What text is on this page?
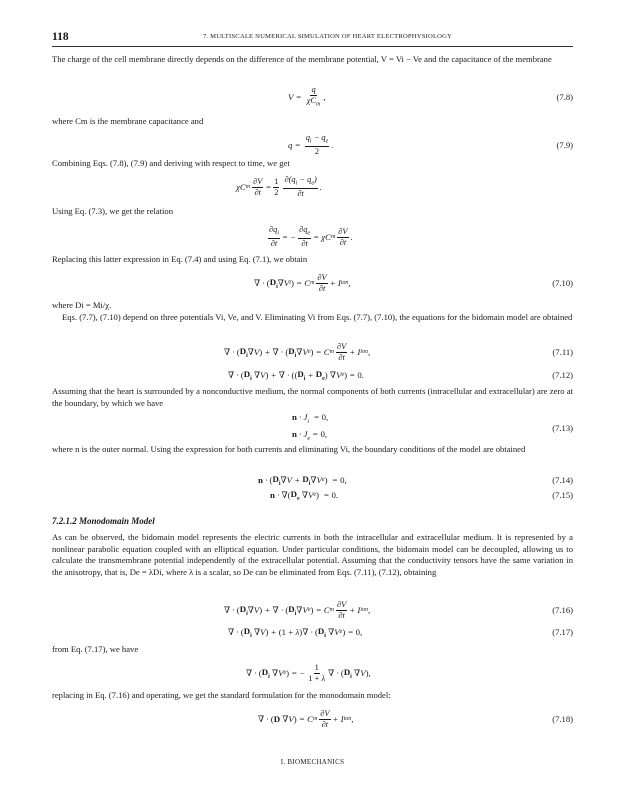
118	7. MULTISCALE NUMERICAL SIMULATION OF HEART ELECTROPHYSIOLOGY
The charge of the cell membrane directly depends on the difference of the membrane potential, V = Vi − Ve and the capacitance of the membrane
$V = \frac{q}{\chi C_m}$ ,	(7.8)
where Cm is the membrane capacitance and
$q = \frac{q_i - q_e}{2}$ .	(7.9)
Combining Eqs. (7.8), (7.9) and deriving with respect to time, we get
χC m $\frac{\partial V}{\partial t} = \frac{1}{2} \frac{\partial(q_i - q_e)}{\partial t}$ .
Using Eq. (7.3), we get the relation
$\frac{\partial q_i}{\partial t}$ = − $\frac{\partial q_e}{\partial t} = \chi C$ m $\frac{\partial V}{\partial t}$ .
Replacing this latter expression in Eq. (7.4) and using Eq. (7.1), we obtain
∇ · ( $D_i$ ∇ V i ) = C m $\frac{\partial V}{\partial t} + I$ ion ,	(7.10)
where Di = Mi/χ.
Eqs. (7.7), (7.10) depend on three potentials Vi, Ve, and V. Eliminating Vi from Eqs. (7.7), (7.10), the equations for the bidomain model are obtained
∇ · ( $D_i$ ∇ V ) + ∇ · ( $D_i$ ∇ V e ) = C m $\frac{\partial V}{\partial t} + I$ ion ,	(7.11)
∇ · ( $D_i$
∇ V ) + ∇ · (( $D_i + D_e$ )
∇ V e ) = 0 .	(7.12)
Assuming that the heart is surrounded by a nonconductive medium, the normal components of both currents (intracellular and extracellular) are zero at the boundary, by which we have
$n \cdot J_i = 0$,
$n \cdot J_e = 0$,
(7.13)
where n is the outer normal. Using the expression for both currents and eliminating Vi, the boundary conditions of the model are obtained
n · ( $D_i$ ∇ $V + D_i$ ∇ V e ) = 0 ,	(7.14)
n · ∇ ( $D_e$
∇ V e ) = 0 .	(7.15)
7.2.1.2 Monodomain Model
As can be observed, the bidomain model represents the electric currents in both the intracellular and extracellular medium. It is represented by a nonlinear parabolic equation coupled with an elliptical equation. Under particular conditions, the bidomain model can be decoupled, allowing us to calculate the transmembrane potential independently of the extracellular potential. Assuming that the conductivity tensors have the same variation in the anisotropy, that is, De = λDi, where λ is a scalar, so De can be eliminated from Eqs. (7.11), (7.12), obtaining
∇ · ( $D_i$ ∇ V ) + ∇ · ( $D_i$ ∇ V e ) = C m $\frac{\partial V}{\partial t} + I$ ion ,	(7.16)
∇ · ( $D_i$
∇ V ) + (1 + λ ) ∇ · ( $D_i$
∇ V e ) = 0 ,	(7.17)
from Eq. (7.17), we have
∇ · ( $D_i$
∇ V e ) = − $\frac{1}{1 + \lambda}$ ∇ · ( $D_i$
∇ V ) ,
replacing in Eq. (7.16) and operating, we get the standard formulation for the monodomain model:
∇ · ( D
∇ V ) = C m $\frac{\partial V}{\partial t} + I$ ion ,	(7.18)
I. BIOMECHANICS
